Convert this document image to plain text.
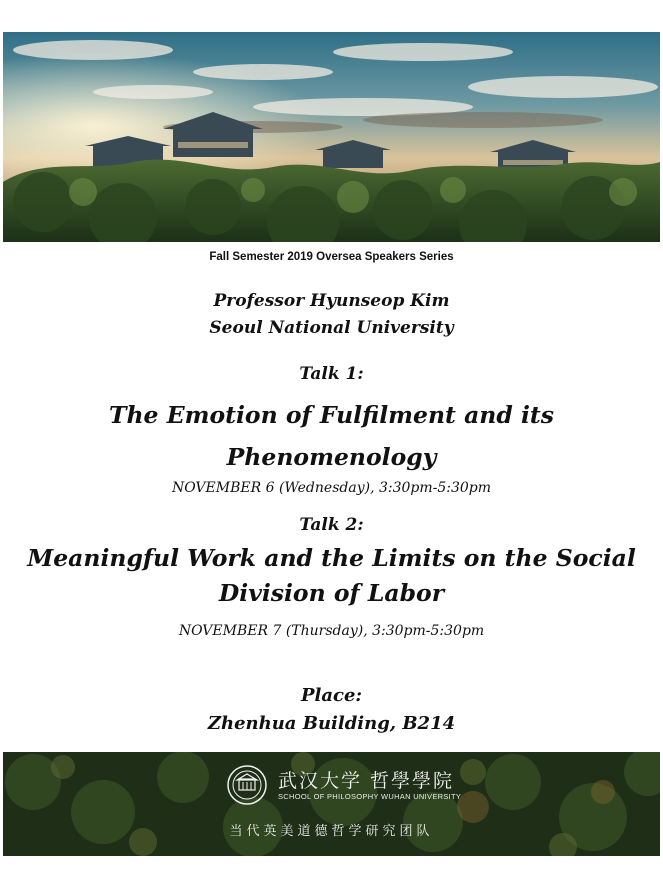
Fall Semester 2019 Oversea Speakers Series
Professor Hyunseop Kim
Seoul National University
Talk 1:
The Emotion of Fulfilment and its
Phenomenology
NOVEMBER 6 (Wednesday), 3:30pm-5:30pm
Talk 2:
Meaningful Work and the Limits on the Social
Division of Labor
NOVEMBER 7 (Thursday), 3:30pm-5:30pm
Place:
Zhenhua Building, B214
武汉大学 哲學學院
SCHOOL OF PHILOSOPHY WUHAN UNIVERSITY
当代英美道德哲学研究团队
